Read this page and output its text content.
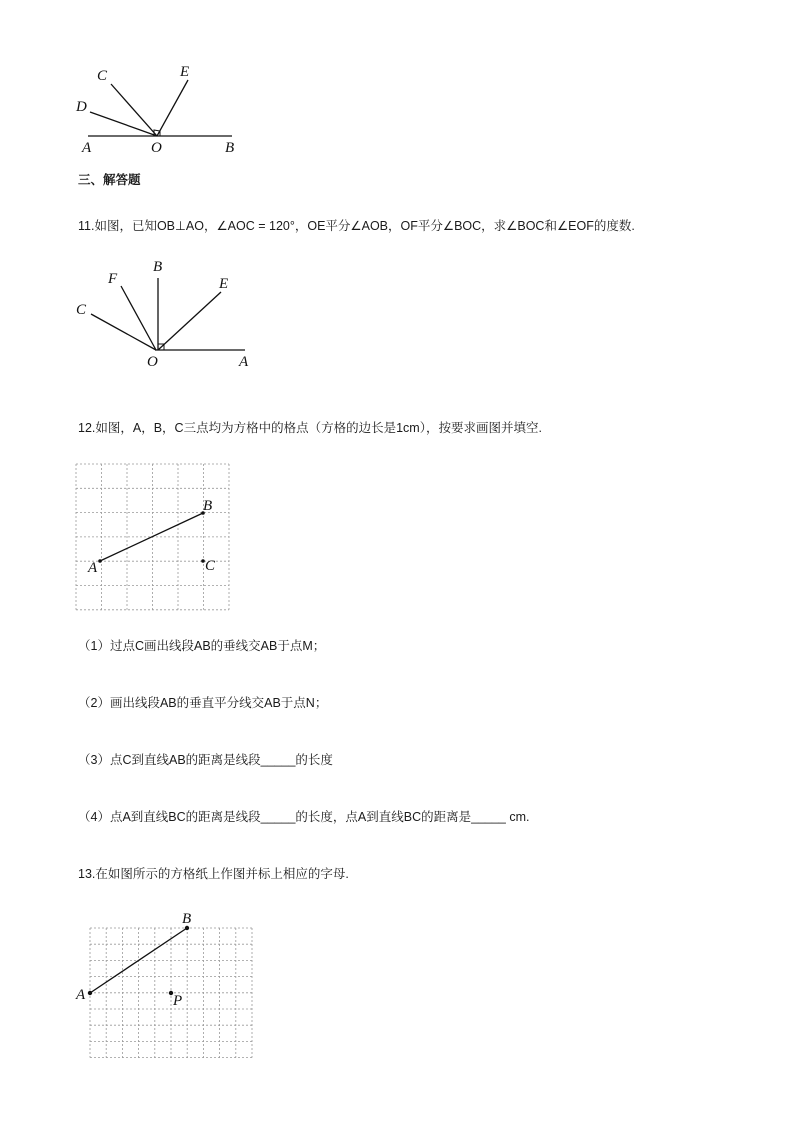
C	E
D
A	O	B
三、解答题
11.如图，已知OB⊥AO，∠AOC = 120°，OE平分∠AOB，OF平分∠BOC，求∠BOC和∠EOF的度数.
F
B
E
C
O	A
12.如图，A，B，C三点均为方格中的格点（方格的边长是1cm），按要求画图并填空.
A
B
C
（1）过点C画出线段AB的垂线交AB于点M；
（2）画出线段AB的垂直平分线交AB于点N；
（3）点C到直线AB的距离是线段_____的长度
（4）点A到直线BC的距离是线段_____的长度，点A到直线BC的距离是_____ cm.
13.在如图所示的方格纸上作图并标上相应的字母.
A
B
P
